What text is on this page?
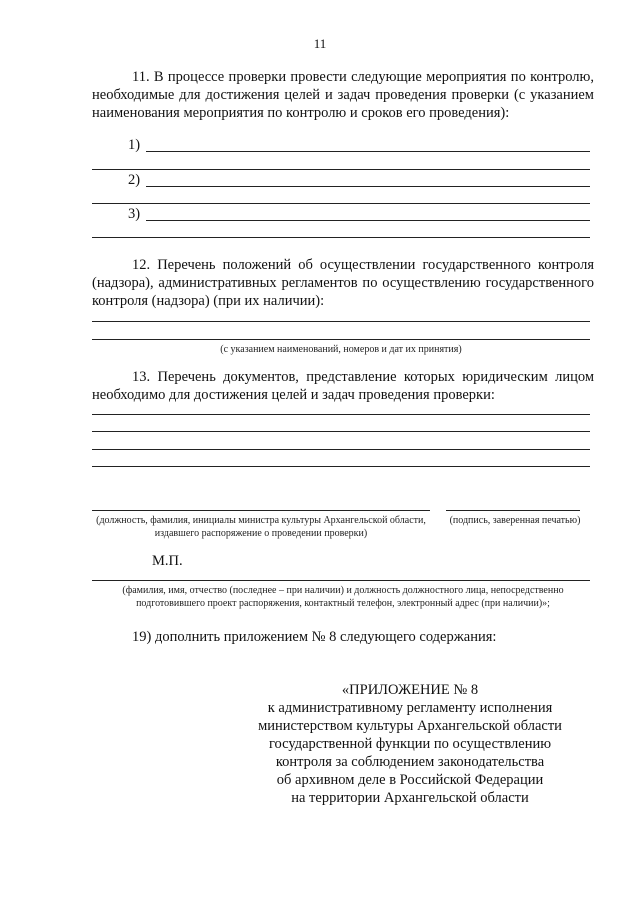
11
11. В процессе проверки провести следующие мероприятия по контролю, необходимые для достижения целей и задач проведения проверки (с указанием наименования мероприятия по контролю и сроков его проведения):
1)
2)
3)
12. Перечень положений об осуществлении государственного контроля (надзора), административных регламентов по осуществлению государственного контроля (надзора) (при их наличии):
(с указанием наименований, номеров и дат их принятия)
13. Перечень документов, представление которых юридическим лицом необходимо для достижения целей и задач проведения проверки:
(должность, фамилия, инициалы министра культуры Архангельской области, издавшего распоряжение о проведении проверки)
(подпись, заверенная печатью)
М.П.
(фамилия, имя, отчество (последнее – при наличии) и должность должностного лица, непосредственно подготовившего проект распоряжения, контактный телефон, электронный адрес (при наличии)»;
19) дополнить приложением № 8 следующего содержания:
«ПРИЛОЖЕНИЕ № 8
к административному регламенту исполнения
министерством культуры Архангельской области
государственной функции по осуществлению
контроля за соблюдением законодательства
об архивном деле в Российской Федерации
на территории Архангельской области
